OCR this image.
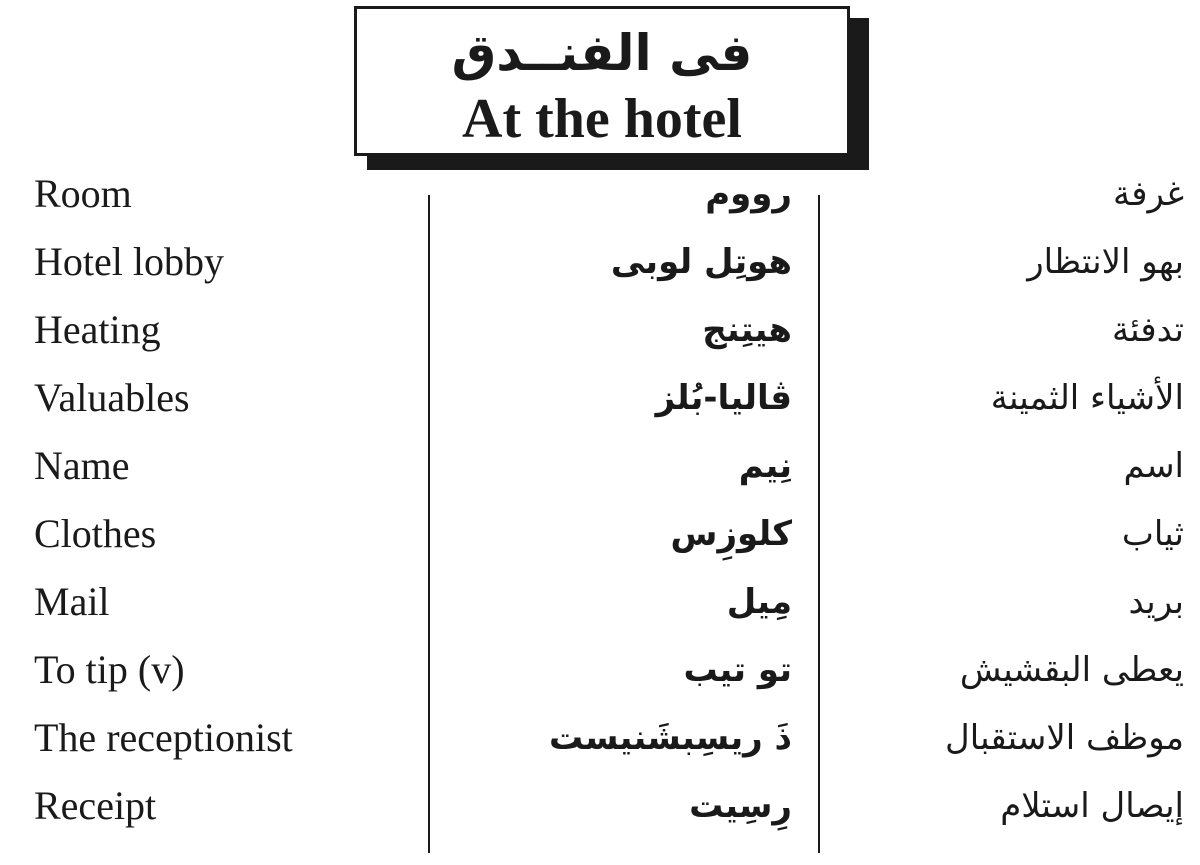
فى الفنــدق
At the hotel
Room	رووم	غرفة
Hotel lobby	هوتِل لوبى	بهو الانتظار
Heating	هيتِنج	تدفئة
Valuables	ڤاليا-بُلز	الأشياء الثمينة
Name	نِيم	اسم
Clothes	كلوزِس	ثياب
Mail	مِيل	بريد
To tip (v)	تو تيب	يعطى البقشيش
The receptionist	ذَ ريسِبشَنيست	موظف الاستقبال
Receipt	رِسِيت	إيصال استلام
